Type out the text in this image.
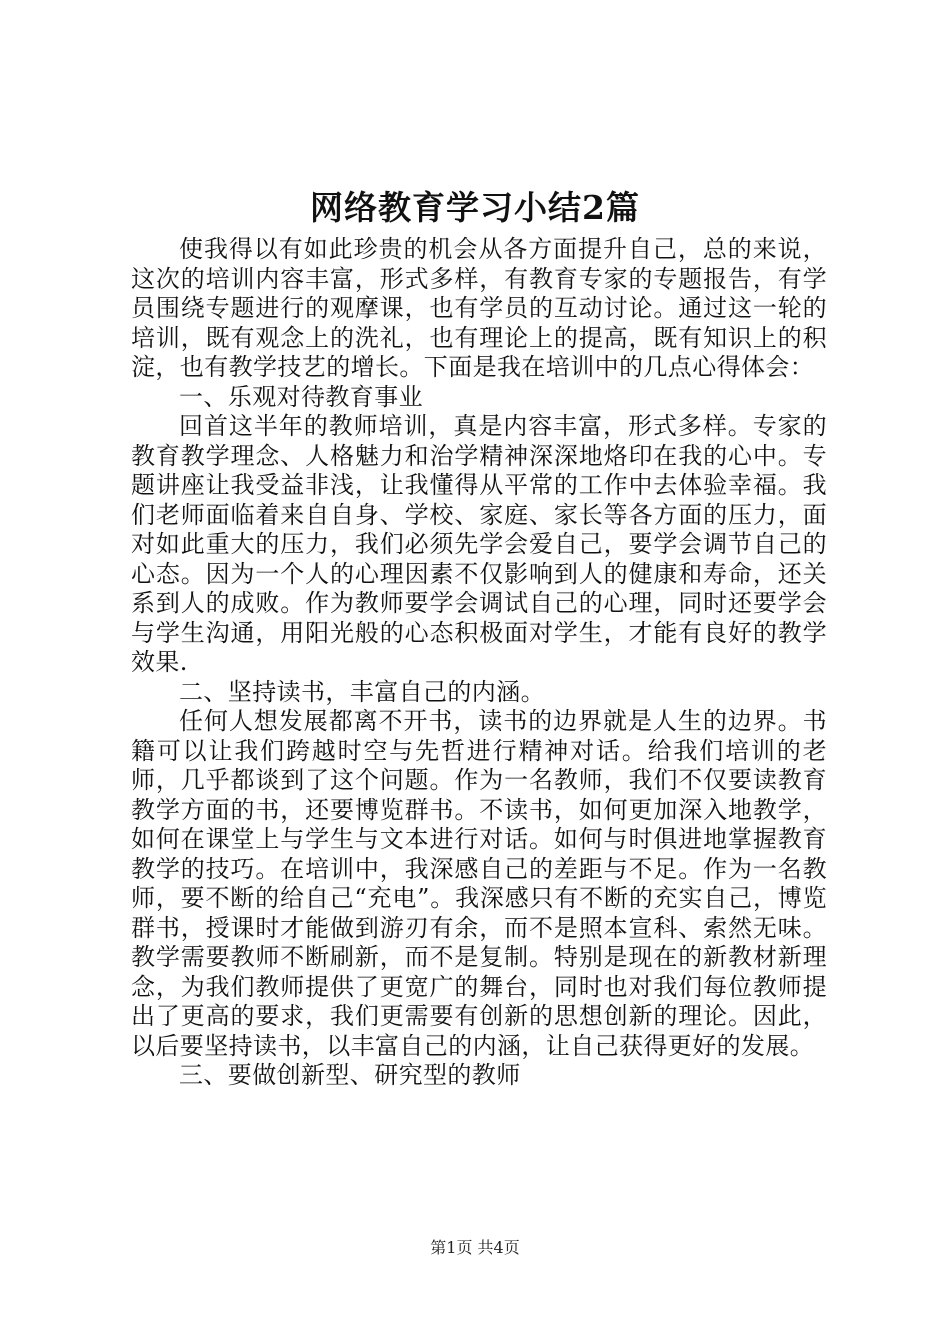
网络教育学习小结2篇

使我得以有如此珍贵的机会从各方面提升自己，总的来说，这次的培训内容丰富，形式多样，有教育专家的专题报告，有学员围绕专题进行的观摩课，也有学员的互动讨论。通过这一轮的培训，既有观念上的洗礼，也有理论上的提高，既有知识上的积淀，也有教学技艺的增长。下面是我在培训中的几点心得体会：

一、乐观对待教育事业

回首这半年的教师培训，真是内容丰富，形式多样。专家的教育教学理念、人格魅力和治学精神深深地烙印在我的心中。专题讲座让我受益非浅，让我懂得从平常的工作中去体验幸福。我们老师面临着来自自身、学校、家庭、家长等各方面的压力，面对如此重大的压力，我们必须先学会爱自己，要学会调节自己的心态。因为一个人的心理因素不仅影响到人的健康和寿命，还关系到人的成败。作为教师要学会调试自己的心理，同时还要学会与学生沟通，用阳光般的心态积极面对学生，才能有良好的教学效果.

二、坚持读书，丰富自己的内涵。

任何人想发展都离不开书，读书的边界就是人生的边界。书籍可以让我们跨越时空与先哲进行精神对话。给我们培训的老师，几乎都谈到了这个问题。作为一名教师，我们不仅要读教育教学方面的书，还要博览群书。不读书，如何更加深入地教学，如何在课堂上与学生与文本进行对话。如何与时俱进地掌握教育教学的技巧。在培训中，我深感自己的差距与不足。作为一名教师，要不断的给自己“充电”。我深感只有不断的充实自己，博览群书，授课时才能做到游刃有余，而不是照本宣科、索然无味。教学需要教师不断刷新，而不是复制。特别是现在的新教材新理念，为我们教师提供了更宽广的舞台，同时也对我们每位教师提出了更高的要求，我们更需要有创新的思想创新的理论。因此，以后要坚持读书，以丰富自己的内涵，让自己获得更好的发展。

三、要做创新型、研究型的教师

第1页 共4页
